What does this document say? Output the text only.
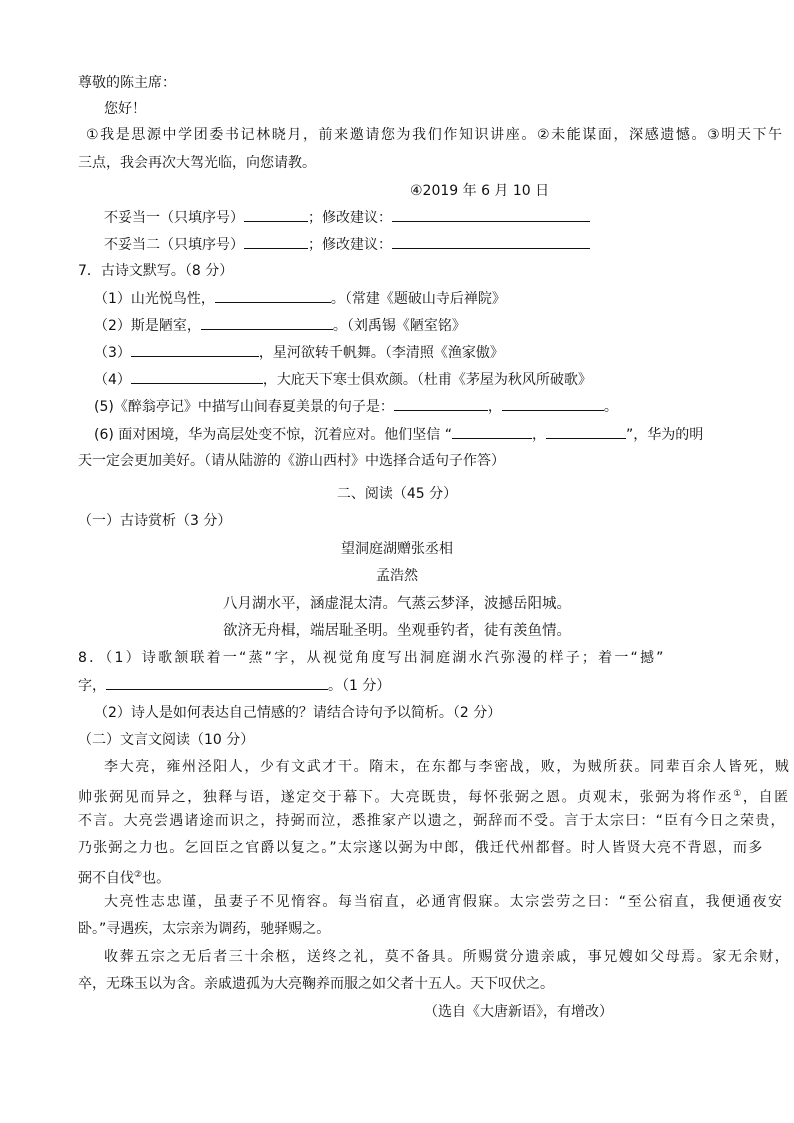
尊敬的陈主席：
您好！
①我是思源中学团委书记林晓月，前来邀请您为我们作知识讲座。②未能谋面，深感遗憾。③明天下午
三点，我会再次大驾光临，向您请教。
④2019 年 6 月 10 日
不妥当一（只填序号）	；修改建议：
不妥当二（只填序号）	；修改建议：
7．古诗文默写。（8 分）
（1）山光悦鸟性，	。（常建《题破山寺后禅院》
（2）斯是陋室，	。（刘禹锡《陋室铭》
（3）	，星河欲转千帆舞。（李清照《渔家傲》
（4）	，大庇天下寒士俱欢颜。（杜甫《茅屋为秋风所破歌》
(5)《醉翁亭记》中描写山间春夏美景的句子是：	，	。
(6) 面对困境，华为高层处变不惊，沉着应对。他们坚信 “	，	”，华为的明
天一定会更加美好。（请从陆游的《游山西村》中选择合适句子作答）
二、阅读（45 分）
（一）古诗赏析（3 分）
望洞庭湖赠张丞相
孟浩然
八月湖水平，涵虚混太清。气蒸云梦泽，波撼岳阳城。
欲济无舟楫，端居耻圣明。坐观垂钓者，徒有羡鱼情。
8．（1）诗歌颔联着一“蒸”字，从视觉角度写出洞庭湖水汽弥漫的样子；着一“撼”
字，	。（1 分）
（2）诗人是如何表达自己情感的？请结合诗句予以简析。（2 分）
（二）文言文阅读（10 分）
李大亮，雍州泾阳人，少有文武才干。隋末，在东都与李密战，败，为贼所获。同辈百余人皆死，贼
帅张弼见而异之，独释与语，遂定交于幕下。大亮既贵，每怀张弼之恩。贞观末，张弼为将作丞①，自匿
不言。大亮尝遇诸途而识之，持弼而泣，悉推家产以遗之，弼辞而不受。言于太宗曰：“臣有今日之荣贵，
乃张弼之力也。乞回臣之官爵以复之。”太宗遂以弼为中郎，俄迁代州都督。时人皆贤大亮不背恩，而多
弼不自伐②也。
大亮性志忠谨，虽妻子不见惰容。每当宿直，必通宵假寐。太宗尝劳之曰：“至公宿直，我便通夜安
卧。”寻遇疾，太宗亲为调药，驰驿赐之。
收葬五宗之无后者三十余柩，送终之礼，莫不备具。所赐赏分遗亲戚，事兄嫂如父母焉。家无余财，
卒，无珠玉以为含。亲戚遗孤为大亮鞠养而服之如父者十五人。天下叹伏之。
（选自《大唐新语》，有增改）
